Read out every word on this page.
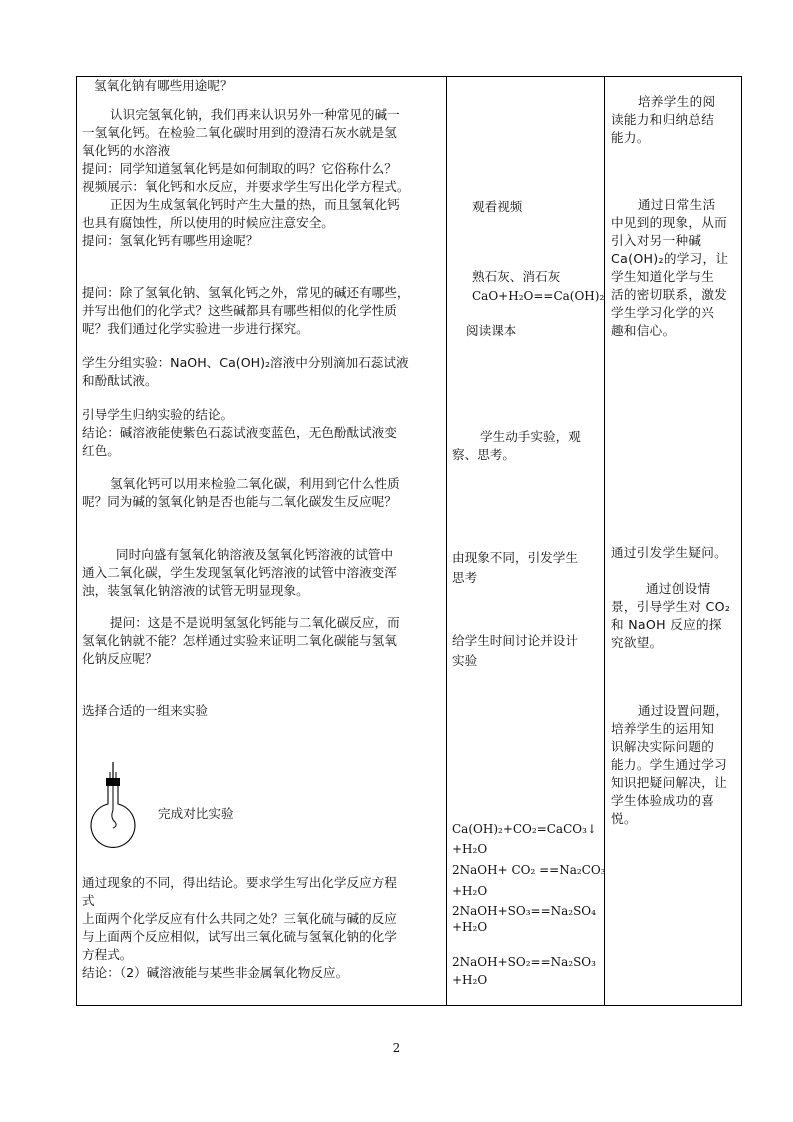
氢氧化钠有哪些用途呢？
认识完氢氧化钠，我们再来认识另外一种常见的碱一
一氢氧化钙。在检验二氧化碳时用到的澄清石灰水就是氢
氧化钙的水溶液
提问：同学知道氢氧化钙是如何制取的吗？它俗称什么？
视频展示：氧化钙和水反应，并要求学生写出化学方程式。
正因为生成氢氧化钙时产生大量的热，而且氢氧化钙
也具有腐蚀性，所以使用的时候应注意安全。
提问：氢氧化钙有哪些用途呢？
提问：除了氢氧化钠、氢氧化钙之外，常见的碱还有哪些，
并写出他们的化学式？这些碱都具有哪些相似的化学性质
呢？我们通过化学实验进一步进行探究。
学生分组实验：NaOH、Ca(OH)₂溶液中分别滴加石蕊试液
和酚酞试液。
引导学生归纳实验的结论。
结论：碱溶液能使紫色石蕊试液变蓝色，无色酚酞试液变
红色。
氢氧化钙可以用来检验二氧化碳，利用到它什么性质
呢？同为碱的氢氧化钠是否也能与二氧化碳发生反应呢？
同时向盛有氢氧化钠溶液及氢氧化钙溶液的试管中
通入二氧化碳，学生发现氢氧化钙溶液的试管中溶液变浑
浊，装氢氧化钠溶液的试管无明显现象。
提问：这是不是说明氢氢化钙能与二氧化碳反应，而
氢氧化钠就不能？怎样通过实验来证明二氧化碳能与氢氧
化钠反应呢？
选择合适的一组来实验
完成对比实验
通过现象的不同，得出结论。要求学生写出化学反应方程
式
上面两个化学反应有什么共同之处？三氧化硫与碱的反应
与上面两个反应相似，试写出三氧化硫与氢氧化钠的化学
方程式。
结论：（2）碱溶液能与某些非金属氧化物反应。
观看视频
熟石灰、消石灰
CaO+H₂O==Ca(OH)₂
阅读课本
学生动手实验，观
察、思考。
由现象不同，引发学生
思考
给学生时间讨论并设计
实验
Ca(OH)₂+CO₂=CaCO₃↓
+H₂O
2NaOH+ CO₂ ==Na₂CO₃
+H₂O
2NaOH+SO₃==Na₂SO₄
+H₂O
2NaOH+SO₂==Na₂SO₃
+H₂O
培养学生的阅
读能力和归纳总结
能力。
通过日常生活
中见到的现象，从而
引入对另一种碱
Ca(OH)₂的学习，让
学生知道化学与生
活的密切联系，激发
学生学习化学的兴
趣和信心。
通过引发学生疑问。
通过创设情
景，引导学生对 CO₂
和 NaOH 反应的探
究欲望。
通过设置问题，
培养学生的运用知
识解决实际问题的
能力。学生通过学习
知识把疑问解决，让
学生体验成功的喜
悦。
2
